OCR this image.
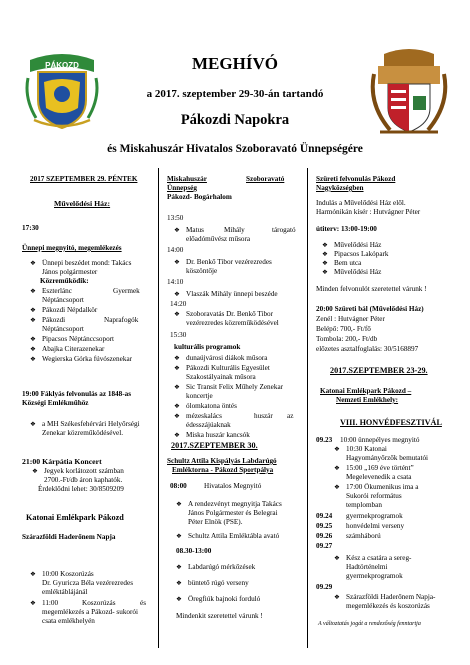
PÁKOZD	MEGHÍVÓ
a 2017. szeptember 29-30-án tartandó
Pákozdi Napokra
és Miskahuszár Hivatalos Szoboravató Ünnepségére
2017 SZEPTEMBER 29. PÉNTEK
Művelődési Ház:
17:30
Ünnepi megnyitó, megemlékezés
❖ Ünnepi beszédet mond: Takács
János polgármester
Közreműködik:
❖ Eszterlánc	Gyermek
Néptáncsoport
❖ Pákozdi Népdalkör
❖ Pákozdi	Naprafogók
Néptáncsoport
❖ Pipacsos Néptánccsoport
❖ Abajka Citerazenekar
❖ Wegierska Górka fúvószenekar
19:00 Fáklyás felvonulás az 1848-as
Községi Emlékműhöz
❖ a MH Székesfehérvári Helyőrségi
Zenekar közreműködésével.
21:00 Kárpátia Koncert
❖ Jegyek korlátozott számban
2700.-Ft/db áron kaphatók.
Érdeklődni lehet: 30/8509209
Katonai Emlékpark Pákozd
Szárazföldi Haderőnem Napja
❖ 10:00 Koszorúzás
Dr. Gyuricza Béla vezérezredes
emléktáblájánál
❖ 11:00	Koszorúzás	és
megemlékezés a Pákozd- sukorói
csata emlékhelyén
Miskahuszár	Szoboravató
Ünnepség
Pákozd- Bogárhalom
13:50
❖ Matus	Mihály	tárogató
előadóművész műsora
14:00
❖ Dr. Benkő Tibor vezérezredes
köszöntője
14:10
❖ Vlaszák Mihály ünnepi beszéde
14:20
❖ Szoboravatás Dr. Benkő Tibor
vezérezredes közreműködésével
15:30
kulturális programok
❖ dunaújvárosi diákok műsora
❖ Pákozdi Kulturális Egyesület
Szakostályainak műsora
❖ Sic Transit Felix Műhely Zenekar
koncertje
❖ ólomkatona öntés
❖ mézeskalács	huszár az
édesszájúaknak
❖ Miska huszár kancsók
2017.SZEPTEMBER 30.
Schultz Attila Kispályás Labdarúgó
Emléktorna - Pákozd Sportpálya
08:00 Hivatalos Megnyitó
❖ A rendezvényt megnyitja Takács
János Polgármester és Belegrai
Péter Elnök (PSE).
❖ Schultz Attila Emléktábla avató
08.30-13:00
❖ Labdarúgó mérkőzések
❖ büntető rúgó verseny
❖ Öregfiúk bajnoki forduló
Mindenkit szeretettel várunk !
Szüreti felvonulás Pákozd
Nagyközségben
Indulás a Művelődési Ház elől.
Harmónikán kísér : Hutvágner Péter
útiterv: 13:00-19:00
❖ Művelődési Ház
❖ Pipacsos Lakópark
❖ Bem utca
❖ Művelődési Ház
Minden felvonulót szeretettel várunk !
20:00 Szüreti bál (Művelődési Ház)
Zenél : Hutvágner Péter
Belépő: 700,- Ft/fő
Tombola: 200,- Ft/db
előzetes asztalfoglalás: 30/5168897
2017.SZEPTEMBER 23-29.
Katonai Emlékpark Pákozd –
Nemzeti Emlékhely:
VIII. HONVÉDFESZTIVÁL
09.23 10:00 ünnepélyes megnyitó
❖ 10:30 Katonai
Hagyományőrzők bemutatói
❖ 15:00 „169 éve történt”
Megelevenedik a csata
❖ 17:00 Ökumenikus ima a
Sukorói református
templomban
09.24 gyermekprogramok
09.25 honvédelmi verseny
09.26 számháború
09.27
❖ Kész a csatára a sereg-
Hadtörténelmi
gyermekprogramok
09.29
❖ Szárazföldi Haderőnem Napja-
megemlékezés és koszorúzás
A változtatás jogát a rendezőség fenntartja
